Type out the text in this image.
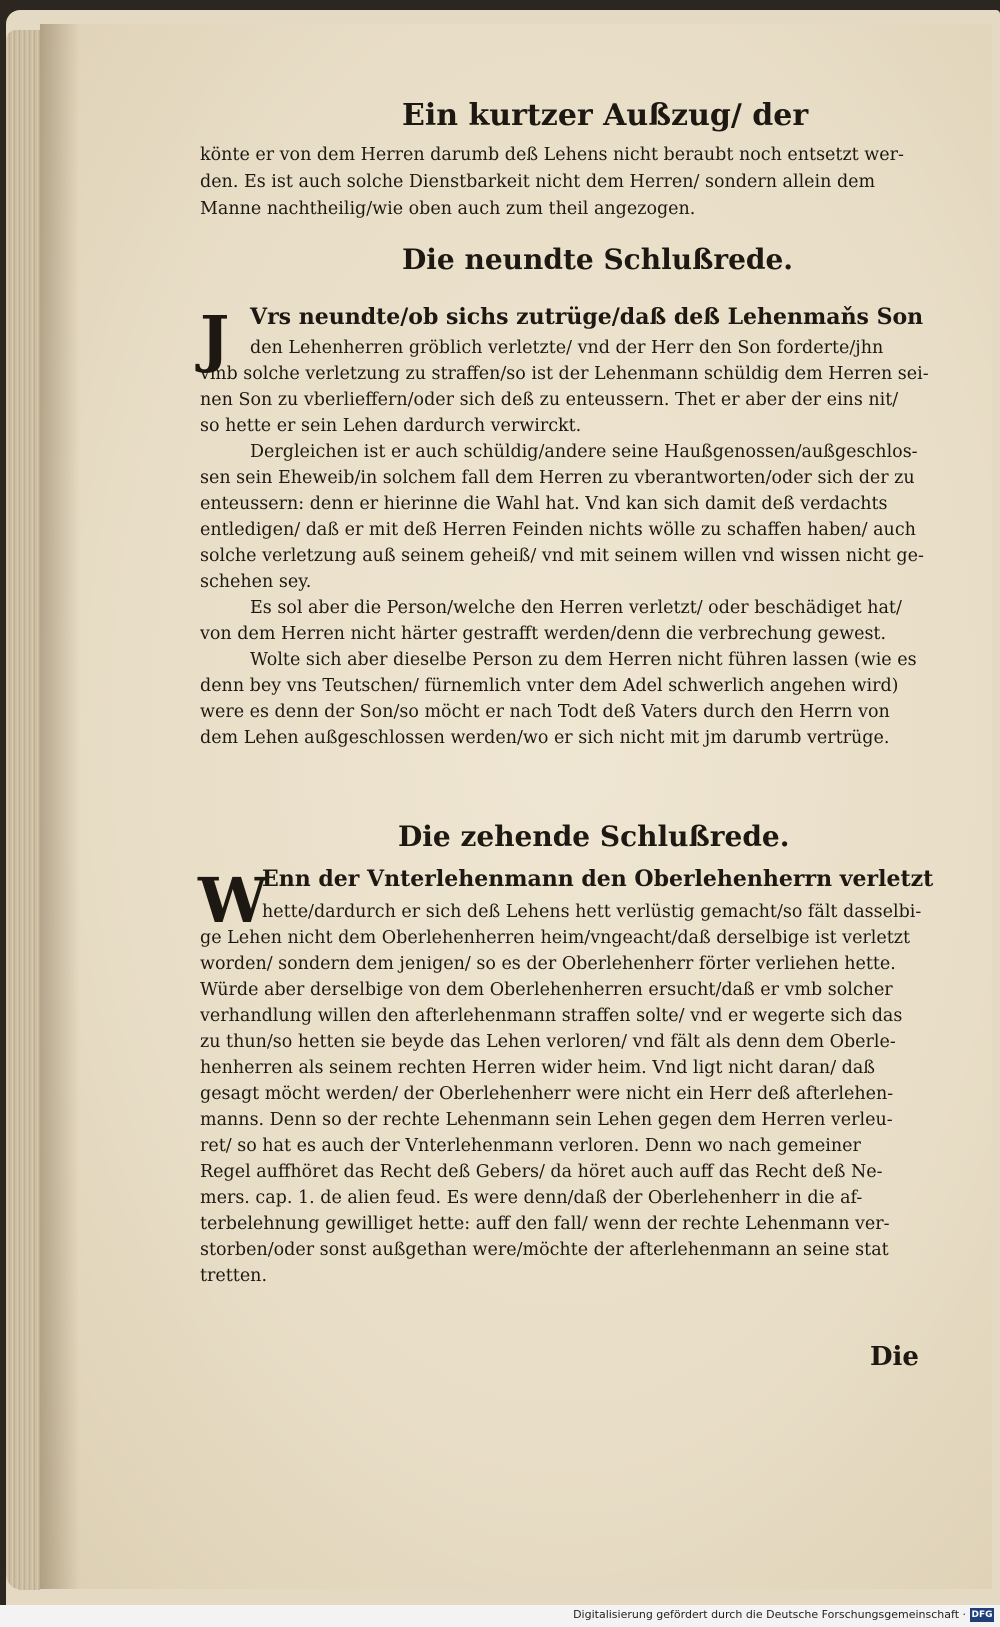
Ein kurtzer Außzug/ der
könte er von dem Herren darumb deß Lehens nicht beraubt noch entsetzt wer-
den. Es ist auch solche Dienstbarkeit nicht dem Herren/ sondern allein dem
Manne nachtheilig/wie oben auch zum theil angezogen.
Die neundte Schlußrede.
J Vrs neundte/ob sichs zutrüge/daß deß Lehenmaňs Son
den Lehenherren gröblich verletzte/ vnd der Herr den Son forderte/jhn
vmb solche verletzung zu straffen/so ist der Lehenmann schüldig dem Herren sei-
nen Son zu vberlieffern/oder sich deß zu enteussern. Thet er aber der eins nit/
so hette er sein Lehen dardurch verwirckt.
Dergleichen ist er auch schüldig/andere seine Haußgenossen/außgeschlos-
sen sein Eheweib/in solchem fall dem Herren zu vberantworten/oder sich der zu
enteussern: denn er hierinne die Wahl hat. Vnd kan sich damit deß verdachts
entledigen/ daß er mit deß Herren Feinden nichts wölle zu schaffen haben/ auch
solche verletzung auß seinem geheiß/ vnd mit seinem willen vnd wissen nicht ge-
schehen sey.
Es sol aber die Person/welche den Herren verletzt/ oder beschädiget hat/
von dem Herren nicht härter gestrafft werden/denn die verbrechung gewest.
Wolte sich aber dieselbe Person zu dem Herren nicht führen lassen (wie es
denn bey vns Teutschen/ fürnemlich vnter dem Adel schwerlich angehen wird)
were es denn der Son/so möcht er nach Todt deß Vaters durch den Herrn von
dem Lehen außgeschlossen werden/wo er sich nicht mit jm darumb vertrüge.
Die zehende Schlußrede.
W
Enn der Vnterlehenmann den Oberlehenherrn verletzt
hette/dardurch er sich deß Lehens hett verlüstig gemacht/so fält dasselbi-
ge Lehen nicht dem Oberlehenherren heim/vngeacht/daß derselbige ist verletzt
worden/ sondern dem jenigen/ so es der Oberlehenherr förter verliehen hette.
Würde aber derselbige von dem Oberlehenherren ersucht/daß er vmb solcher
verhandlung willen den afterlehenmann straffen solte/ vnd er wegerte sich das
zu thun/so hetten sie beyde das Lehen verloren/ vnd fält als denn dem Oberle-
henherren als seinem rechten Herren wider heim. Vnd ligt nicht daran/ daß
gesagt möcht werden/ der Oberlehenherr were nicht ein Herr deß afterlehen-
manns. Denn so der rechte Lehenmann sein Lehen gegen dem Herren verleu-
ret/ so hat es auch der Vnterlehenmann verloren. Denn wo nach gemeiner
Regel auffhöret das Recht deß Gebers/ da höret auch auff das Recht deß Ne-
mers. cap. 1. de alien feud. Es were denn/daß der Oberlehenherr in die af-
terbelehnung gewilliget hette: auff den fall/ wenn der rechte Lehenmann ver-
storben/oder sonst außgethan were/möchte der afterlehenmann an seine stat
tretten.
Die
Digitalisierung gefördert durch die Deutsche Forschungsgemeinschaft · DFG
